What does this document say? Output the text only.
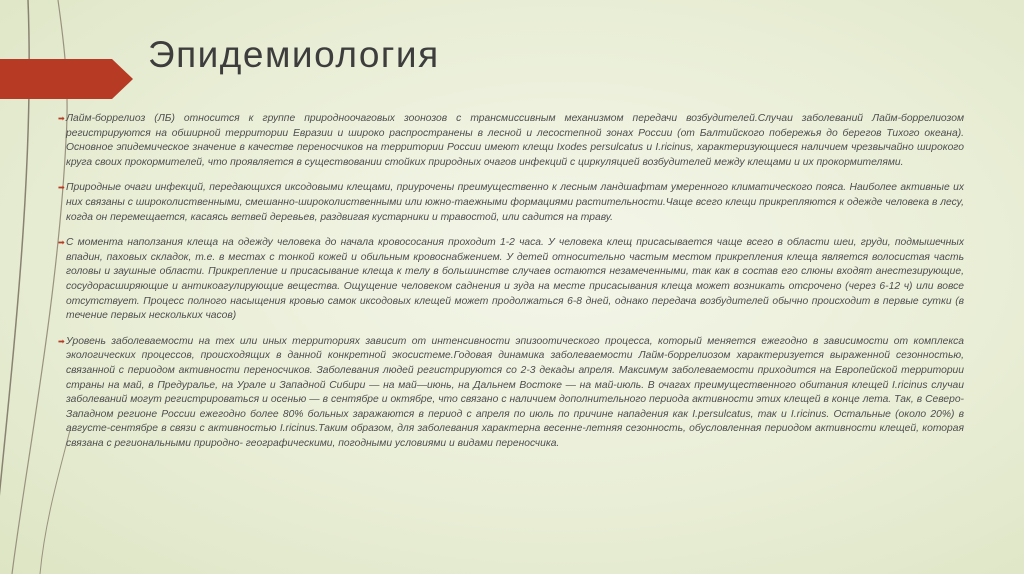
Эпидемиология
➡ Лайм-боррелиоз (ЛБ) относится к группе природноочаговых зоонозов с трансмиссивным механизмом передачи возбудителей.Случаи заболеваний Лайм-боррелиозом регистрируются на обширной территории Евразии и широко распространены в лесной и лесостепной зонах России (от Балтийского побережья до берегов Тихого океана). Основное эпидемическое значение в качестве переносчиков на территории России имеют клещи Ixodes persulcatus и I.ricinus, характеризующиеся наличием чрезвычайно широкого круга своих прокормителей, что проявляется в существовании стойких природных очагов инфекций с циркуляцией возбудителей между клещами и их прокормителями.
➡ Природные очаги инфекций, передающихся иксодовыми клещами, приурочены преимущественно к лесным ландшафтам умеренного климатического пояса. Наиболее активные их них связаны с широколиственными, смешанно-широколиственными или южно-таежными формациями растительности.Чаще всего клещи прикрепляются к одежде человека в лесу, когда он перемещается, касаясь ветвей деревьев, раздвигая кустарники и травостой, или садится на траву.
➡ С момента наползания клеща на одежду человека до начала кровососания проходит 1-2 часа. У человека клещ присасывается чаще всего в области шеи, груди, подмышечных впадин, паховых складок, т.е. в местах с тонкой кожей и обильным кровоснабжением. У детей относительно частым местом прикрепления клеща является волосистая часть головы и заушные области. Прикрепление и присасывание клеща к телу в большинстве случаев остаются незамеченными, так как в состав его слюны входят анестезирующие, сосудорасширяющие и антикоагулирующие вещества. Ощущение человеком саднения и зуда на месте присасывания клеща может возникать отсрочено (через 6-12 ч) или вовсе отсутствует. Процесс полного насыщения кровью самок иксодовых клещей может продолжаться 6-8 дней, однако передача возбудителей обычно происходит в первые сутки (в течение первых нескольких часов)
➡ Уровень заболеваемости на тех или иных территориях зависит от интенсивности эпизоотического процесса, который меняется ежегодно в зависимости от комплекса экологических процессов, происходящих в данной конкретной экосистеме.Годовая динамика заболеваемости Лайм-боррелиозом характеризуется выраженной сезонностью, связанной с периодом активности переносчиков. Заболевания людей регистрируются со 2-3 декады апреля. Максимум заболеваемости приходится на Европейской территории страны на май, в Предуралье, на Урале и Западной Сибири — на май—июнь, на Дальнем Востоке — на май-июль. В очагах преимущественного обитания клещей I.ricinus случаи заболеваний могут регистрироваться и осенью — в сентябре и октябре, что связано с наличием дополнительного периода активности этих клещей в конце лета. Так, в Северо-Западном регионе России ежегодно более 80% больных заражаются в период с апреля по июль по причине нападения как I.persulcatus, так и I.ricinus. Остальные (около 20%) в августе-сентябре в связи с активностью I.ricinus.Таким образом, для заболевания характерна весенне-летняя сезонность, обусловленная периодом активности клещей, которая связана с региональными природно- географическими, погодными условиями и видами переносчика.
